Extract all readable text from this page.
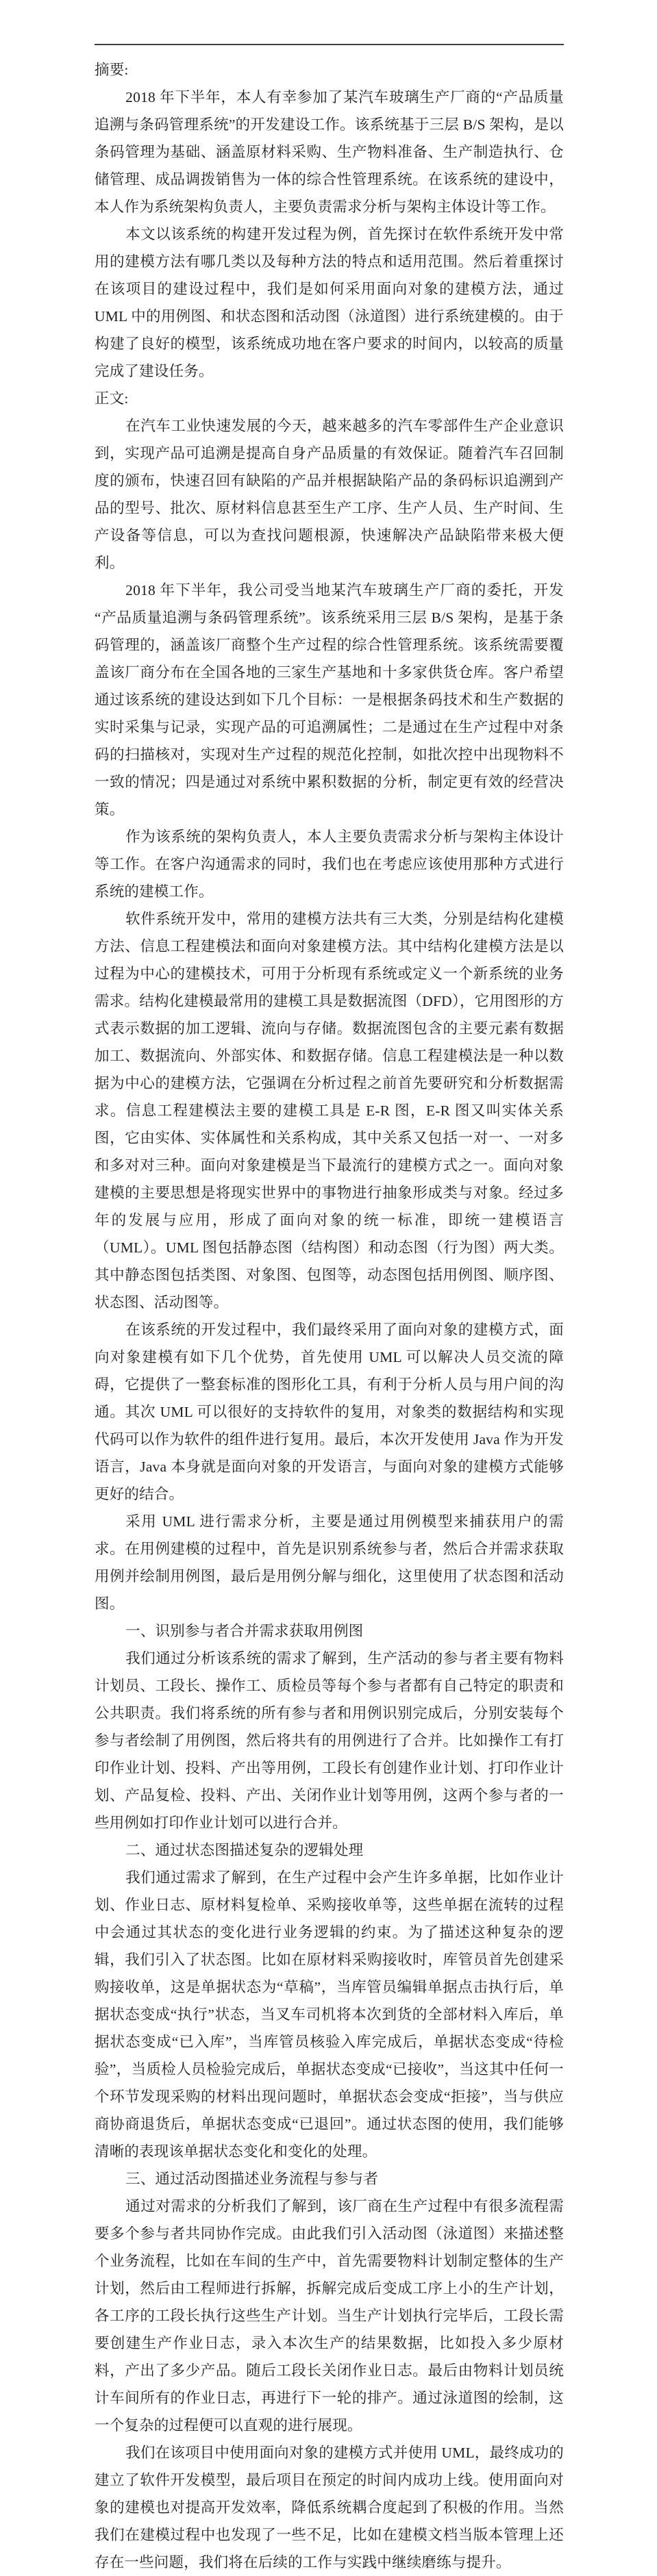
摘要:

2018 年下半年，本人有幸参加了某汽车玻璃生产厂商的“产品质量追溯与条码管理系统”的开发建设工作。该系统基于三层 B/S 架构，是以条码管理为基础、涵盖原材料采购、生产物料准备、生产制造执行、仓储管理、成品调拨销售为一体的综合性管理系统。在该系统的建设中，本人作为系统架构负责人，主要负责需求分析与架构主体设计等工作。

本文以该系统的构建开发过程为例，首先探讨在软件系统开发中常用的建模方法有哪几类以及每种方法的特点和适用范围。然后着重探讨在该项目的建设过程中，我们是如何采用面向对象的建模方法，通过 UML 中的用例图、和状态图和活动图（泳道图）进行系统建模的。由于构建了良好的模型，该系统成功地在客户要求的时间内，以较高的质量完成了建设任务。

正文:

在汽车工业快速发展的今天，越来越多的汽车零部件生产企业意识到，实现产品可追溯是提高自身产品质量的有效保证。随着汽车召回制度的颁布，快速召回有缺陷的产品并根据缺陷产品的条码标识追溯到产品的型号、批次、原材料信息甚至生产工序、生产人员、生产时间、生产设备等信息，可以为查找问题根源，快速解决产品缺陷带来极大便利。

2018 年下半年，我公司受当地某汽车玻璃生产厂商的委托，开发“产品质量追溯与条码管理系统”。该系统采用三层 B/S 架构，是基于条码管理的，涵盖该厂商整个生产过程的综合性管理系统。该系统需要覆盖该厂商分布在全国各地的三家生产基地和十多家供货仓库。客户希望通过该系统的建设达到如下几个目标：一是根据条码技术和生产数据的实时采集与记录，实现产品的可追溯属性；二是通过在生产过程中对条码的扫描核对，实现对生产过程的规范化控制，如批次控中出现物料不一致的情况；四是通过对系统中累积数据的分析，制定更有效的经营决策。

作为该系统的架构负责人，本人主要负责需求分析与架构主体设计等工作。在客户沟通需求的同时，我们也在考虑应该使用那种方式进行系统的建模工作。

软件系统开发中，常用的建模方法共有三大类，分别是结构化建模方法、信息工程建模法和面向对象建模方法。其中结构化建模方法是以过程为中心的建模技术，可用于分析现有系统或定义一个新系统的业务需求。结构化建模最常用的建模工具是数据流图（DFD），它用图形的方式表示数据的加工逻辑、流向与存储。数据流图包含的主要元素有数据加工、数据流向、外部实体、和数据存储。信息工程建模法是一种以数据为中心的建模方法，它强调在分析过程之前首先要研究和分析数据需求。信息工程建模法主要的建模工具是 E-R 图，E-R 图又叫实体关系图，它由实体、实体属性和关系构成，其中关系又包括一对一、一对多和多对对三种。面向对象建模是当下最流行的建模方式之一。面向对象建模的主要思想是将现实世界中的事物进行抽象形成类与对象。经过多年的发展与应用，形成了面向对象的统一标准，即统一建模语言（UML）。UML 图包括静态图（结构图）和动态图（行为图）两大类。其中静态图包括类图、对象图、包图等，动态图包括用例图、顺序图、状态图、活动图等。

在该系统的开发过程中，我们最终采用了面向对象的建模方式，面向对象建模有如下几个优势，首先使用 UML 可以解决人员交流的障碍，它提供了一整套标准的图形化工具，有利于分析人员与用户间的沟通。其次 UML 可以很好的支持软件的复用，对象类的数据结构和实现代码可以作为软件的组件进行复用。最后，本次开发使用 Java 作为开发语言，Java 本身就是面向对象的开发语言，与面向对象的建模方式能够更好的结合。

采用 UML 进行需求分析，主要是通过用例模型来捕获用户的需求。在用例建模的过程中，首先是识别系统参与者，然后合并需求获取用例并绘制用例图，最后是用例分解与细化，这里使用了状态图和活动图。

一、识别参与者合并需求获取用例图

我们通过分析该系统的需求了解到，生产活动的参与者主要有物料计划员、工段长、操作工、质检员等每个参与者都有自己特定的职责和公共职责。我们将系统的所有参与者和用例识别完成后，分别安装每个参与者绘制了用例图，然后将共有的用例进行了合并。比如操作工有打印作业计划、投料、产出等用例，工段长有创建作业计划、打印作业计划、产品复检、投料、产出、关闭作业计划等用例，这两个参与者的一些用例如打印作业计划可以进行合并。

二、通过状态图描述复杂的逻辑处理

我们通过需求了解到，在生产过程中会产生许多单据，比如作业计划、作业日志、原材料复检单、采购接收单等，这些单据在流转的过程中会通过其状态的变化进行业务逻辑的约束。为了描述这种复杂的逻辑，我们引入了状态图。比如在原材料采购接收时，库管员首先创建采购接收单，这是单据状态为“草稿”，当库管员编辑单据点击执行后，单据状态变成“执行”状态，当叉车司机将本次到货的全部材料入库后，单据状态变成“已入库”，当库管员核验入库完成后，单据状态变成“待检验”，当质检人员检验完成后，单据状态变成“已接收”，当这其中任何一个环节发现采购的材料出现问题时，单据状态会变成“拒接”，当与供应商协商退货后，单据状态变成“已退回”。通过状态图的使用，我们能够清晰的表现该单据状态变化和变化的处理。

三、通过活动图描述业务流程与参与者

通过对需求的分析我们了解到，该厂商在生产过程中有很多流程需要多个参与者共同协作完成。由此我们引入活动图（泳道图）来描述整个业务流程，比如在车间的生产中，首先需要物料计划制定整体的生产计划，然后由工程师进行拆解，拆解完成后变成工序上小的生产计划，各工序的工段长执行这些生产计划。当生产计划执行完毕后，工段长需要创建生产作业日志，录入本次生产的结果数据，比如投入多少原材料，产出了多少产品。随后工段长关闭作业日志。最后由物料计划员统计车间所有的作业日志，再进行下一轮的排产。通过泳道图的绘制，这一个复杂的过程便可以直观的进行展现。

我们在该项目中使用面向对象的建模方式并使用 UML，最终成功的建立了软件开发模型，最后项目在预定的时间内成功上线。使用面向对象的建模也对提高开发效率，降低系统耦合度起到了积极的作用。当然我们在建模过程中也发现了一些不足，比如在建模文档当版本管理上还存在一些问题，我们将在后续的工作与实践中继续磨练与提升。
